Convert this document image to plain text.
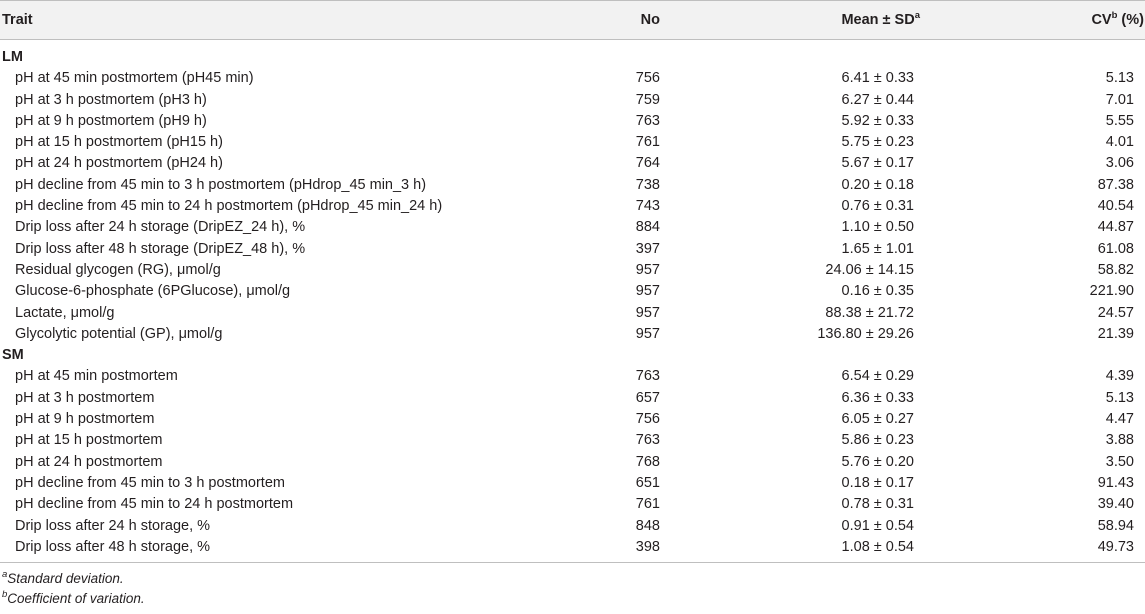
Trait	No	Mean ± $SD^a$	$CV^b$ (%)
LM
pH at 45 min postmortem (pH45 min)	756	6.41 ± 0.33	5.13
pH at 3 h postmortem (pH3 h)	759	6.27 ± 0.44	7.01
pH at 9 h postmortem (pH9 h)	763	5.92 ± 0.33	5.55
pH at 15 h postmortem (pH15 h)	761	5.75 ± 0.23	4.01
pH at 24 h postmortem (pH24 h)	764	5.67 ± 0.17	3.06
pH decline from 45 min to 3 h postmortem (pHdrop_45 min_3 h)	738	0.20 ± 0.18	87.38
pH decline from 45 min to 24 h postmortem (pHdrop_45 min_24 h)	743	0.76 ± 0.31	40.54
Drip loss after 24 h storage (DripEZ_24 h), %	884	1.10 ± 0.50	44.87
Drip loss after 48 h storage (DripEZ_48 h), %	397	1.65 ± 1.01	61.08
Residual glycogen (RG), μmol/g	957	24.06 ± 14.15	58.82
Glucose-6-phosphate (6PGlucose), μmol/g	957	0.16 ± 0.35	221.90
Lactate, μmol/g	957	88.38 ± 21.72	24.57
Glycolytic potential (GP), μmol/g	957	136.80 ± 29.26	21.39
SM
pH at 45 min postmortem	763	6.54 ± 0.29	4.39
pH at 3 h postmortem	657	6.36 ± 0.33	5.13
pH at 9 h postmortem	756	6.05 ± 0.27	4.47
pH at 15 h postmortem	763	5.86 ± 0.23	3.88
pH at 24 h postmortem	768	5.76 ± 0.20	3.50
pH decline from 45 min to 3 h postmortem	651	0.18 ± 0.17	91.43
pH decline from 45 min to 24 h postmortem	761	0.78 ± 0.31	39.40
Drip loss after 24 h storage, %	848	0.91 ± 0.54	58.94
Drip loss after 48 h storage, %	398	1.08 ± 0.54	49.73
$^a$Standard deviation.
$^b$Coefficient of variation.
